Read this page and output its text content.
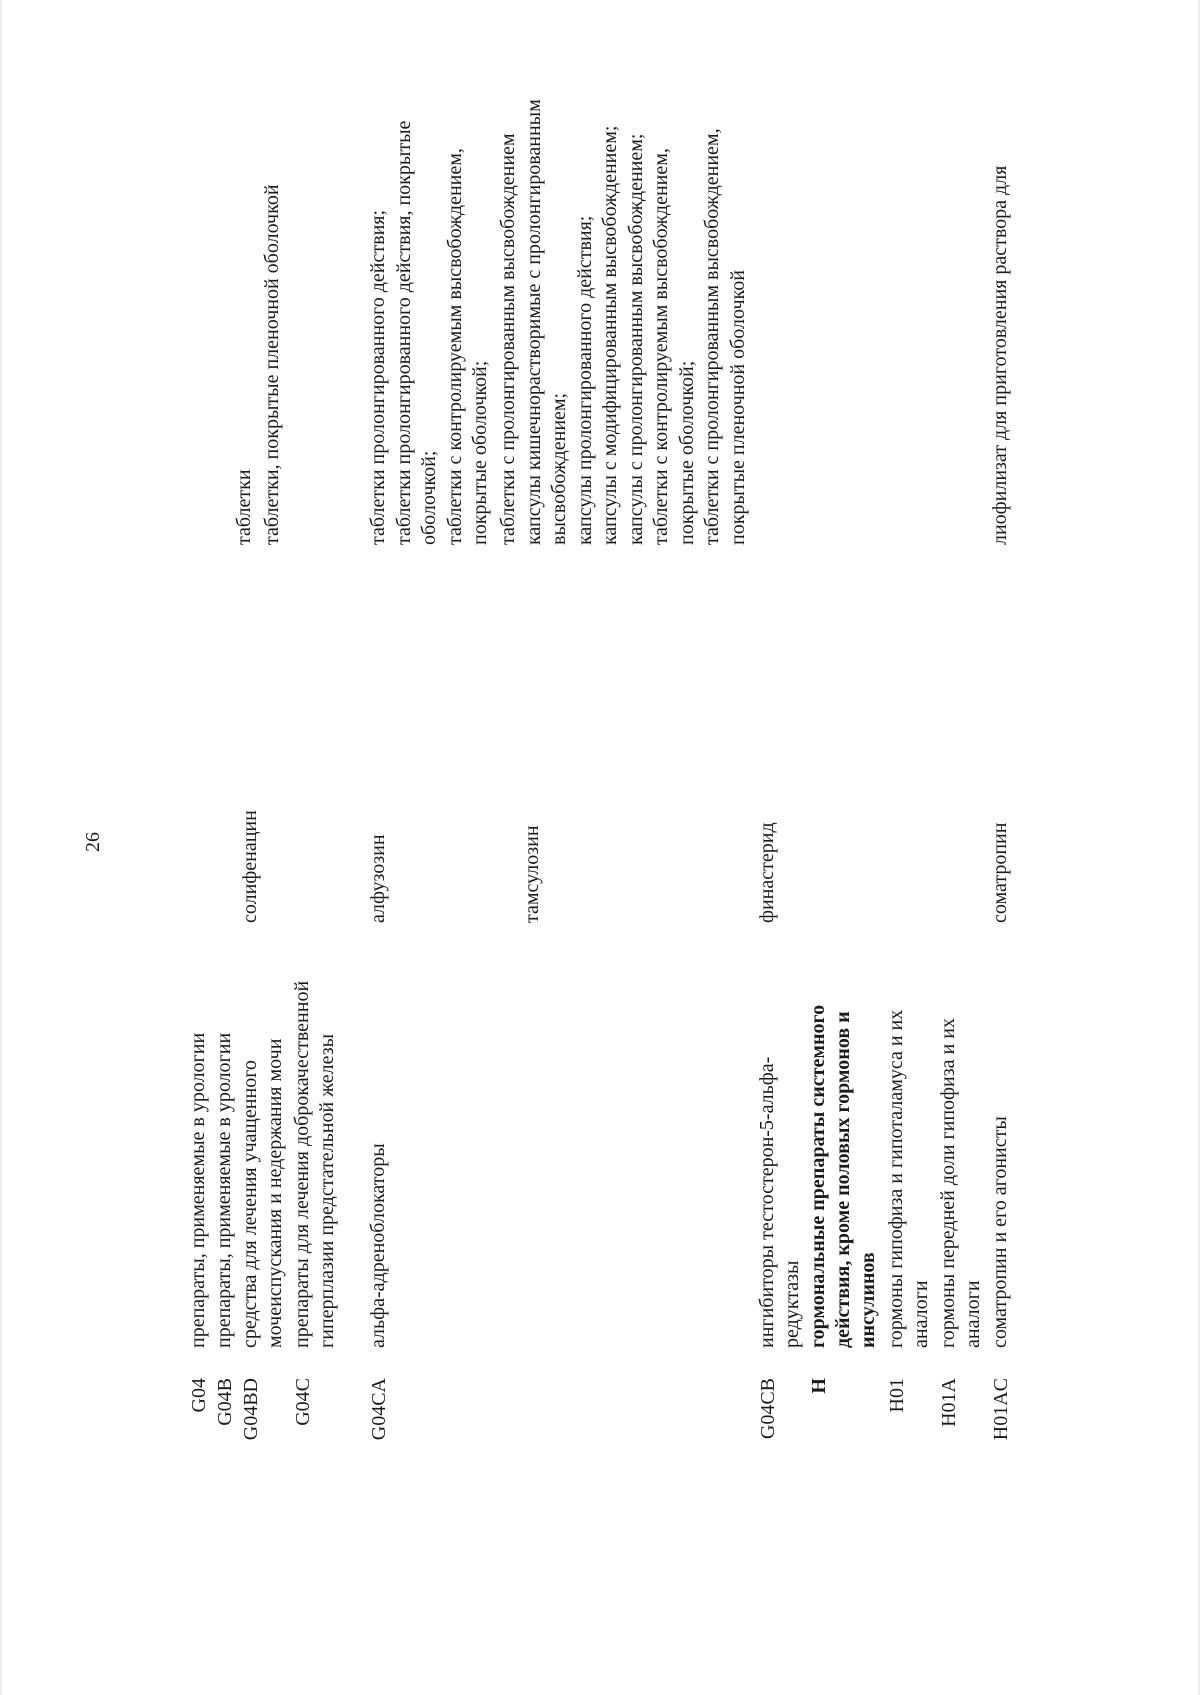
26
таблетки
G04
препараты, применяемые в урологии
G04B
препараты, применяемые в урологии
G04BD
средства для лечения учащенного мочеиспускания и недержания мочи
солифенацин
таблетки, покрытые пленочной оболочкой
G04C
препараты для лечения доброкачественной гиперплазии предстательной железы
G04CA
альфа-адреноблокаторы
алфузозин
таблетки пролонгированного действия;
таблетки пролонгированного действия, покрытые оболочкой;
таблетки с контролируемым высвобождением, покрытые оболочкой;
тамсулозин
таблетки с пролонгированным высвобождением
капсулы кишечнорастворимые с пролонгированным высвобождением;
капсулы пролонгированного действия;
капсулы с модифицированным высвобождением;
капсулы с пролонгированным высвобождением;
таблетки с контролируемым высвобождением, покрытые оболочкой;
таблетки с пролонгированным высвобождением, покрытые пленочной оболочкой
G04CB
ингибиторы тестостерон-5-альфа-редуктазы
финастерид
H
гормональные препараты системного действия, кроме половых гормонов и инсулинов
H01
гормоны гипофиза и гипоталамуса и их аналоги
H01A
гормоны передней доли гипофиза и их аналоги
H01AC
соматропин и его агонисты
соматропин
лиофилизат для приготовления раствора для
